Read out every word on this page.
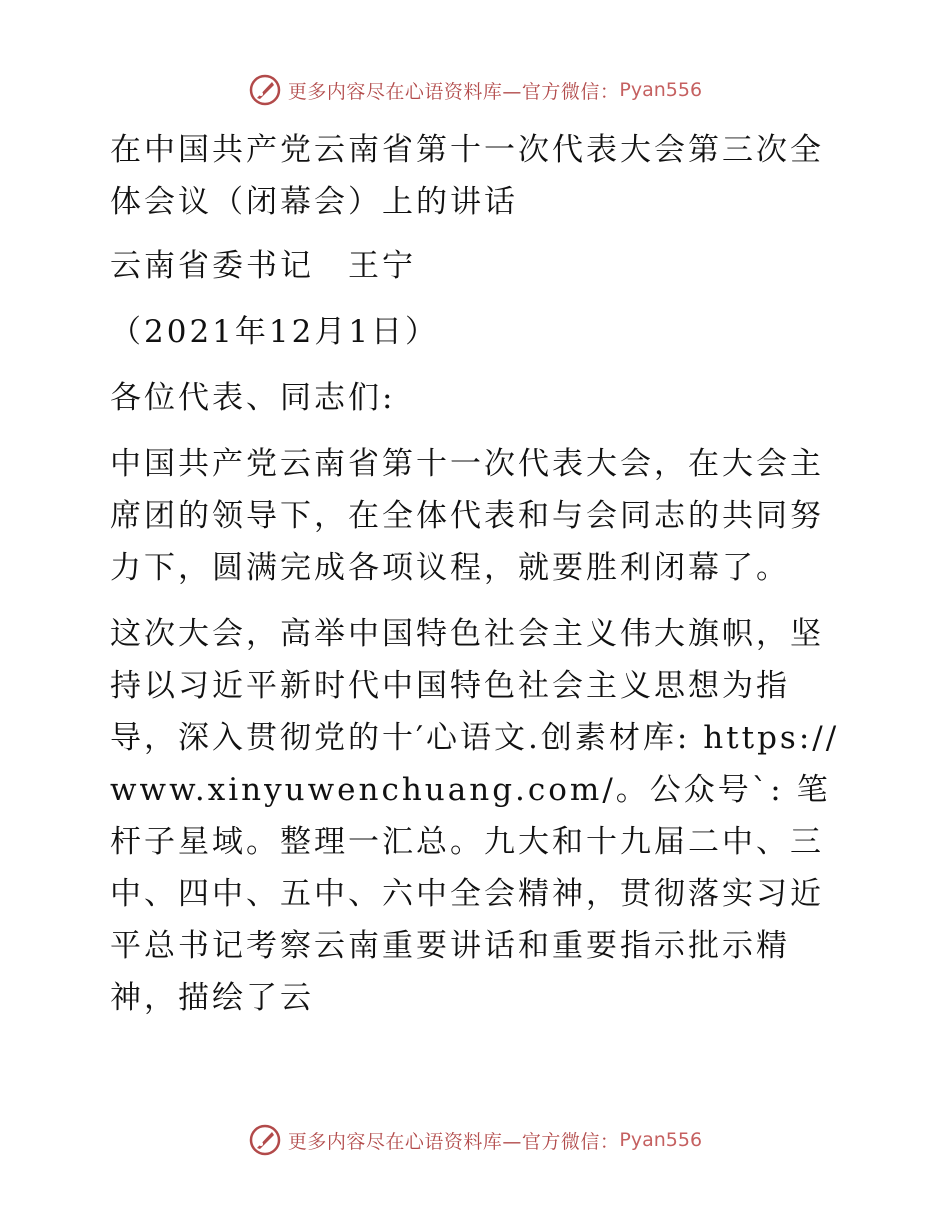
更多内容尽在心语资料库—官方微信： Pyan556

在中国共产党云南省第十一次代表大会第三次全体会议（闭幕会）上的讲话

云南省委书记　王宁

（2021年12月1日）

各位代表、同志们:

中国共产党云南省第十一次代表大会，在大会主席团的领导下，在全体代表和与会同志的共同努力下，圆满完成各项议程，就要胜利闭幕了。

这次大会，高举中国特色社会主义伟大旗帜，坚持以习近平新时代中国特色社会主义思想为指导，深入贯彻党的十′心语文.创素材库: https://www.xinyuwenchuang.com/。公众号`: 笔杆子星域。整理一汇总。九大和十九届二中、三中、四中、五中、六中全会精神，贯彻落实习近平总书记考察云南重要讲话和重要指示批示精神，描绘了云

更多内容尽在心语资料库—官方微信： Pyan556
